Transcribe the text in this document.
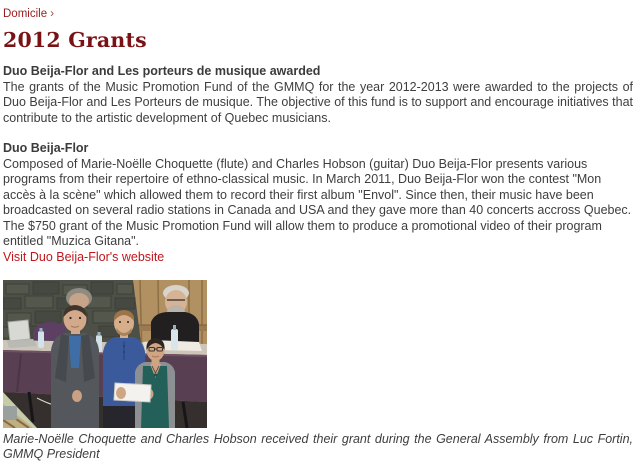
Domicile ›
2012 Grants

Duo Beija-Flor and Les porteurs de musique awarded
The grants of the Music Promotion Fund of the GMMQ for the year 2012-2013 were awarded to the projects of Duo Beija-Flor and Les Porteurs de musique. The objective of this fund is to support and encourage initiatives that contribute to the artistic development of Quebec musicians.

Duo Beija-Flor
Composed of Marie-Noëlle Choquette (flute) and Charles Hobson (guitar) Duo Beija-Flor presents various programs from their repertoire of ethno-classical music. In March 2011, Duo Beija-Flor won the contest "Mon accès à la scène" which allowed them to record their first album "Envol". Since then, their music have been broadcasted on several radio stations in Canada and USA and they gave more than 40 concerts accross Quebec. The $750 grant of the Music Promotion Fund will allow them to produce a promotional video of their program entitled "Muzica Gitana".
Visit Duo Beija-Flor's website

Marie-Noëlle Choquette and Charles Hobson received their grant during the General Assembly from Luc Fortin, GMMQ President
